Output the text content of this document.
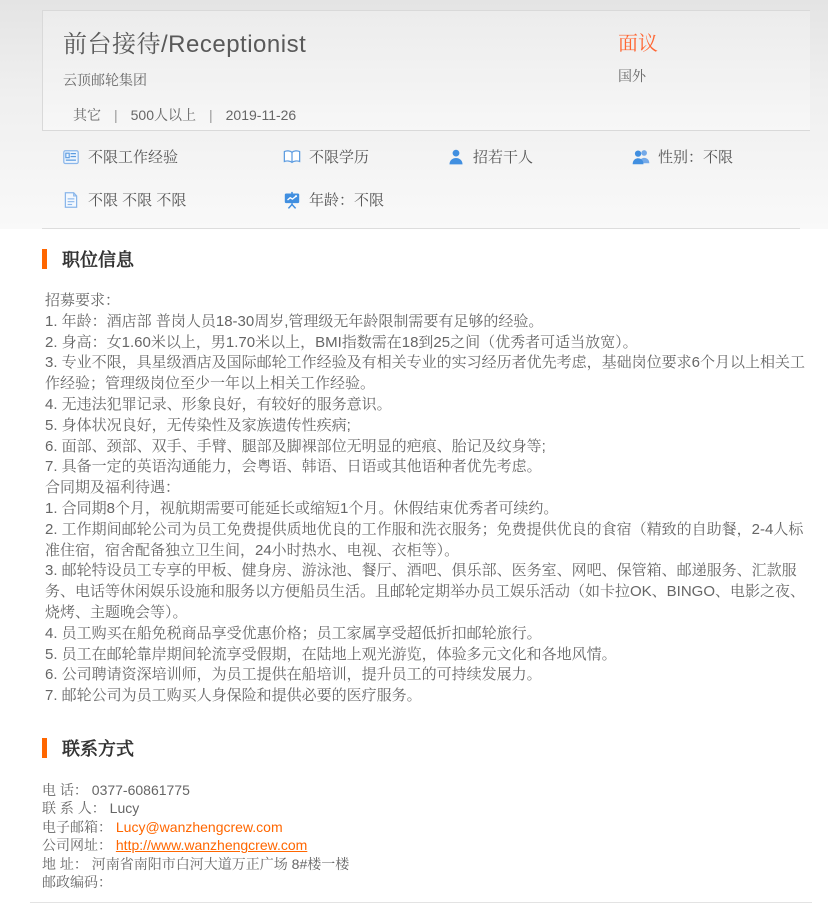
前台接待/Receptionist
云顶邮轮集团
其它 | 500人以上 | 2019-11-26
面议
国外
不限工作经验	不限学历	招若干人	性别：不限
不限 不限 不限	年龄：不限
职位信息

招募要求：

1. 年龄：酒店部 普岗人员18-30周岁,管理级无年龄限制需要有足够的经验。

2. 身高：女1.60米以上，男1.70米以上，BMI指数需在18到25之间（优秀者可适当放宽）。

3. 专业不限，具星级酒店及国际邮轮工作经验及有相关专业的实习经历者优先考虑，基础岗位要求6个月以上相关工作经验；管理级岗位至少一年以上相关工作经验。

4. 无违法犯罪记录、形象良好，有较好的服务意识。

5. 身体状况良好，无传染性及家族遗传性疾病;

6. 面部、颈部、双手、手臂、腿部及脚裸部位无明显的疤痕、胎记及纹身等;

7. 具备一定的英语沟通能力，会粤语、韩语、日语或其他语种者优先考虑。

合同期及福利待遇：

1. 合同期8个月，视航期需要可能延长或缩短1个月。休假结束优秀者可续约。

2. 工作期间邮轮公司为员工免费提供质地优良的工作服和洗衣服务；免费提供优良的食宿（精致的自助餐，2-4人标准住宿，宿舍配备独立卫生间，24小时热水、电视、衣柜等）。

3. 邮轮特设员工专享的甲板、健身房、游泳池、餐厅、酒吧、俱乐部、医务室、网吧、保管箱、邮递服务、汇款服务、电话等休闲娱乐设施和服务以方便船员生活。且邮轮定期举办员工娱乐活动（如卡拉OK、BINGO、电影之夜、烧烤、主题晚会等）。

4. 员工购买在船免税商品享受优惠价格；员工家属享受超低折扣邮轮旅行。

5. 员工在邮轮靠岸期间轮流享受假期，在陆地上观光游览，体验多元文化和各地风情。

6. 公司聘请资深培训师，为员工提供在船培训，提升员工的可持续发展力。

7. 邮轮公司为员工购买人身保险和提供必要的医疗服务。

联系方式
电 话： 0377-60861775
联 系 人： Lucy
电子邮箱： Lucy@wanzhengcrew.com
公司网址： http://www.wanzhengcrew.com
地 址： 河南省南阳市白河大道万正广场 8#楼一楼
邮政编码：
